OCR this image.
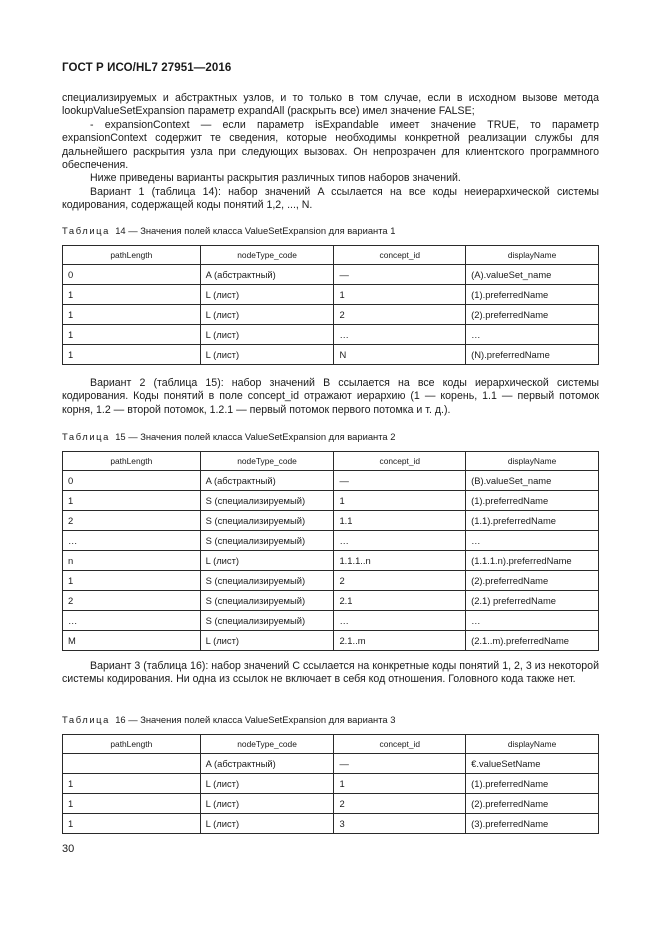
ГОСТ Р ИСО/HL7 27951—2016

специализируемых и абстрактных узлов, и то только в том случае, если в исходном вызове метода lookupValueSetExpansion параметр expandAll (раскрыть все) имел значение FALSE;

- expansionContext — если параметр isExpandable имеет значение TRUE, то параметр expansionContext содержит те сведения, которые необходимы конкретной реализации службы для дальнейшего раскрытия узла при следующих вызовах. Он непрозрачен для клиентского программного обеспечения.

Ниже приведены варианты раскрытия различных типов наборов значений.

Вариант 1 (таблица 14): набор значений A ссылается на все коды неиерархической системы кодирования, содержащей коды понятий 1,2, ..., N.

Таблица 14 — Значения полей класса ValueSetExpansion для варианта 1
pathLength	nodeType_code	concept_id	displayName
0	A (абстрактный)	—	(A).valueSet_name
1	L (лист)	1	(1).preferredName
1	L (лист)	2	(2).preferredName
1	L (лист)	…	…
1	L (лист)	N	(N).preferredName

Вариант 2 (таблица 15): набор значений B ссылается на все коды иерархической системы кодирования. Коды понятий в поле concept_id отражают иерархию (1 — корень, 1.1 — первый потомок корня, 1.2 — второй потомок, 1.2.1 — первый потомок первого потомка и т. д.).

Таблица 15 — Значения полей класса ValueSetExpansion для варианта 2
pathLength	nodeType_code	concept_id	displayName
0	A (абстрактный)	—	(B).valueSet_name
1	S (специализируемый)	1	(1).preferredName
2	S (специализируемый)	1.1	(1.1).preferredName
…	S (специализируемый)	…	…
n	L (лист)	1.1.1..n	(1.1.1.n).preferredName
1	S (специализируемый)	2	(2).preferredName
2	S (специализируемый)	2.1	(2.1) preferredName
…	S (специализируемый)	…	…
M	L (лист)	2.1..m	(2.1..m).preferredName

Вариант 3 (таблица 16): набор значений C ссылается на конкретные коды понятий 1, 2, 3 из некоторой системы кодирования. Ни одна из ссылок не включает в себя код отношения. Головного кода также нет.

Таблица 16 — Значения полей класса ValueSetExpansion для варианта 3
pathLength	nodeType_code	concept_id	displayName
	A (абстрактный)	—	€.valueSetName
1	L (лист)	1	(1).preferredName
1	L (лист)	2	(2).preferredName
1	L (лист)	3	(3).preferredName
30
